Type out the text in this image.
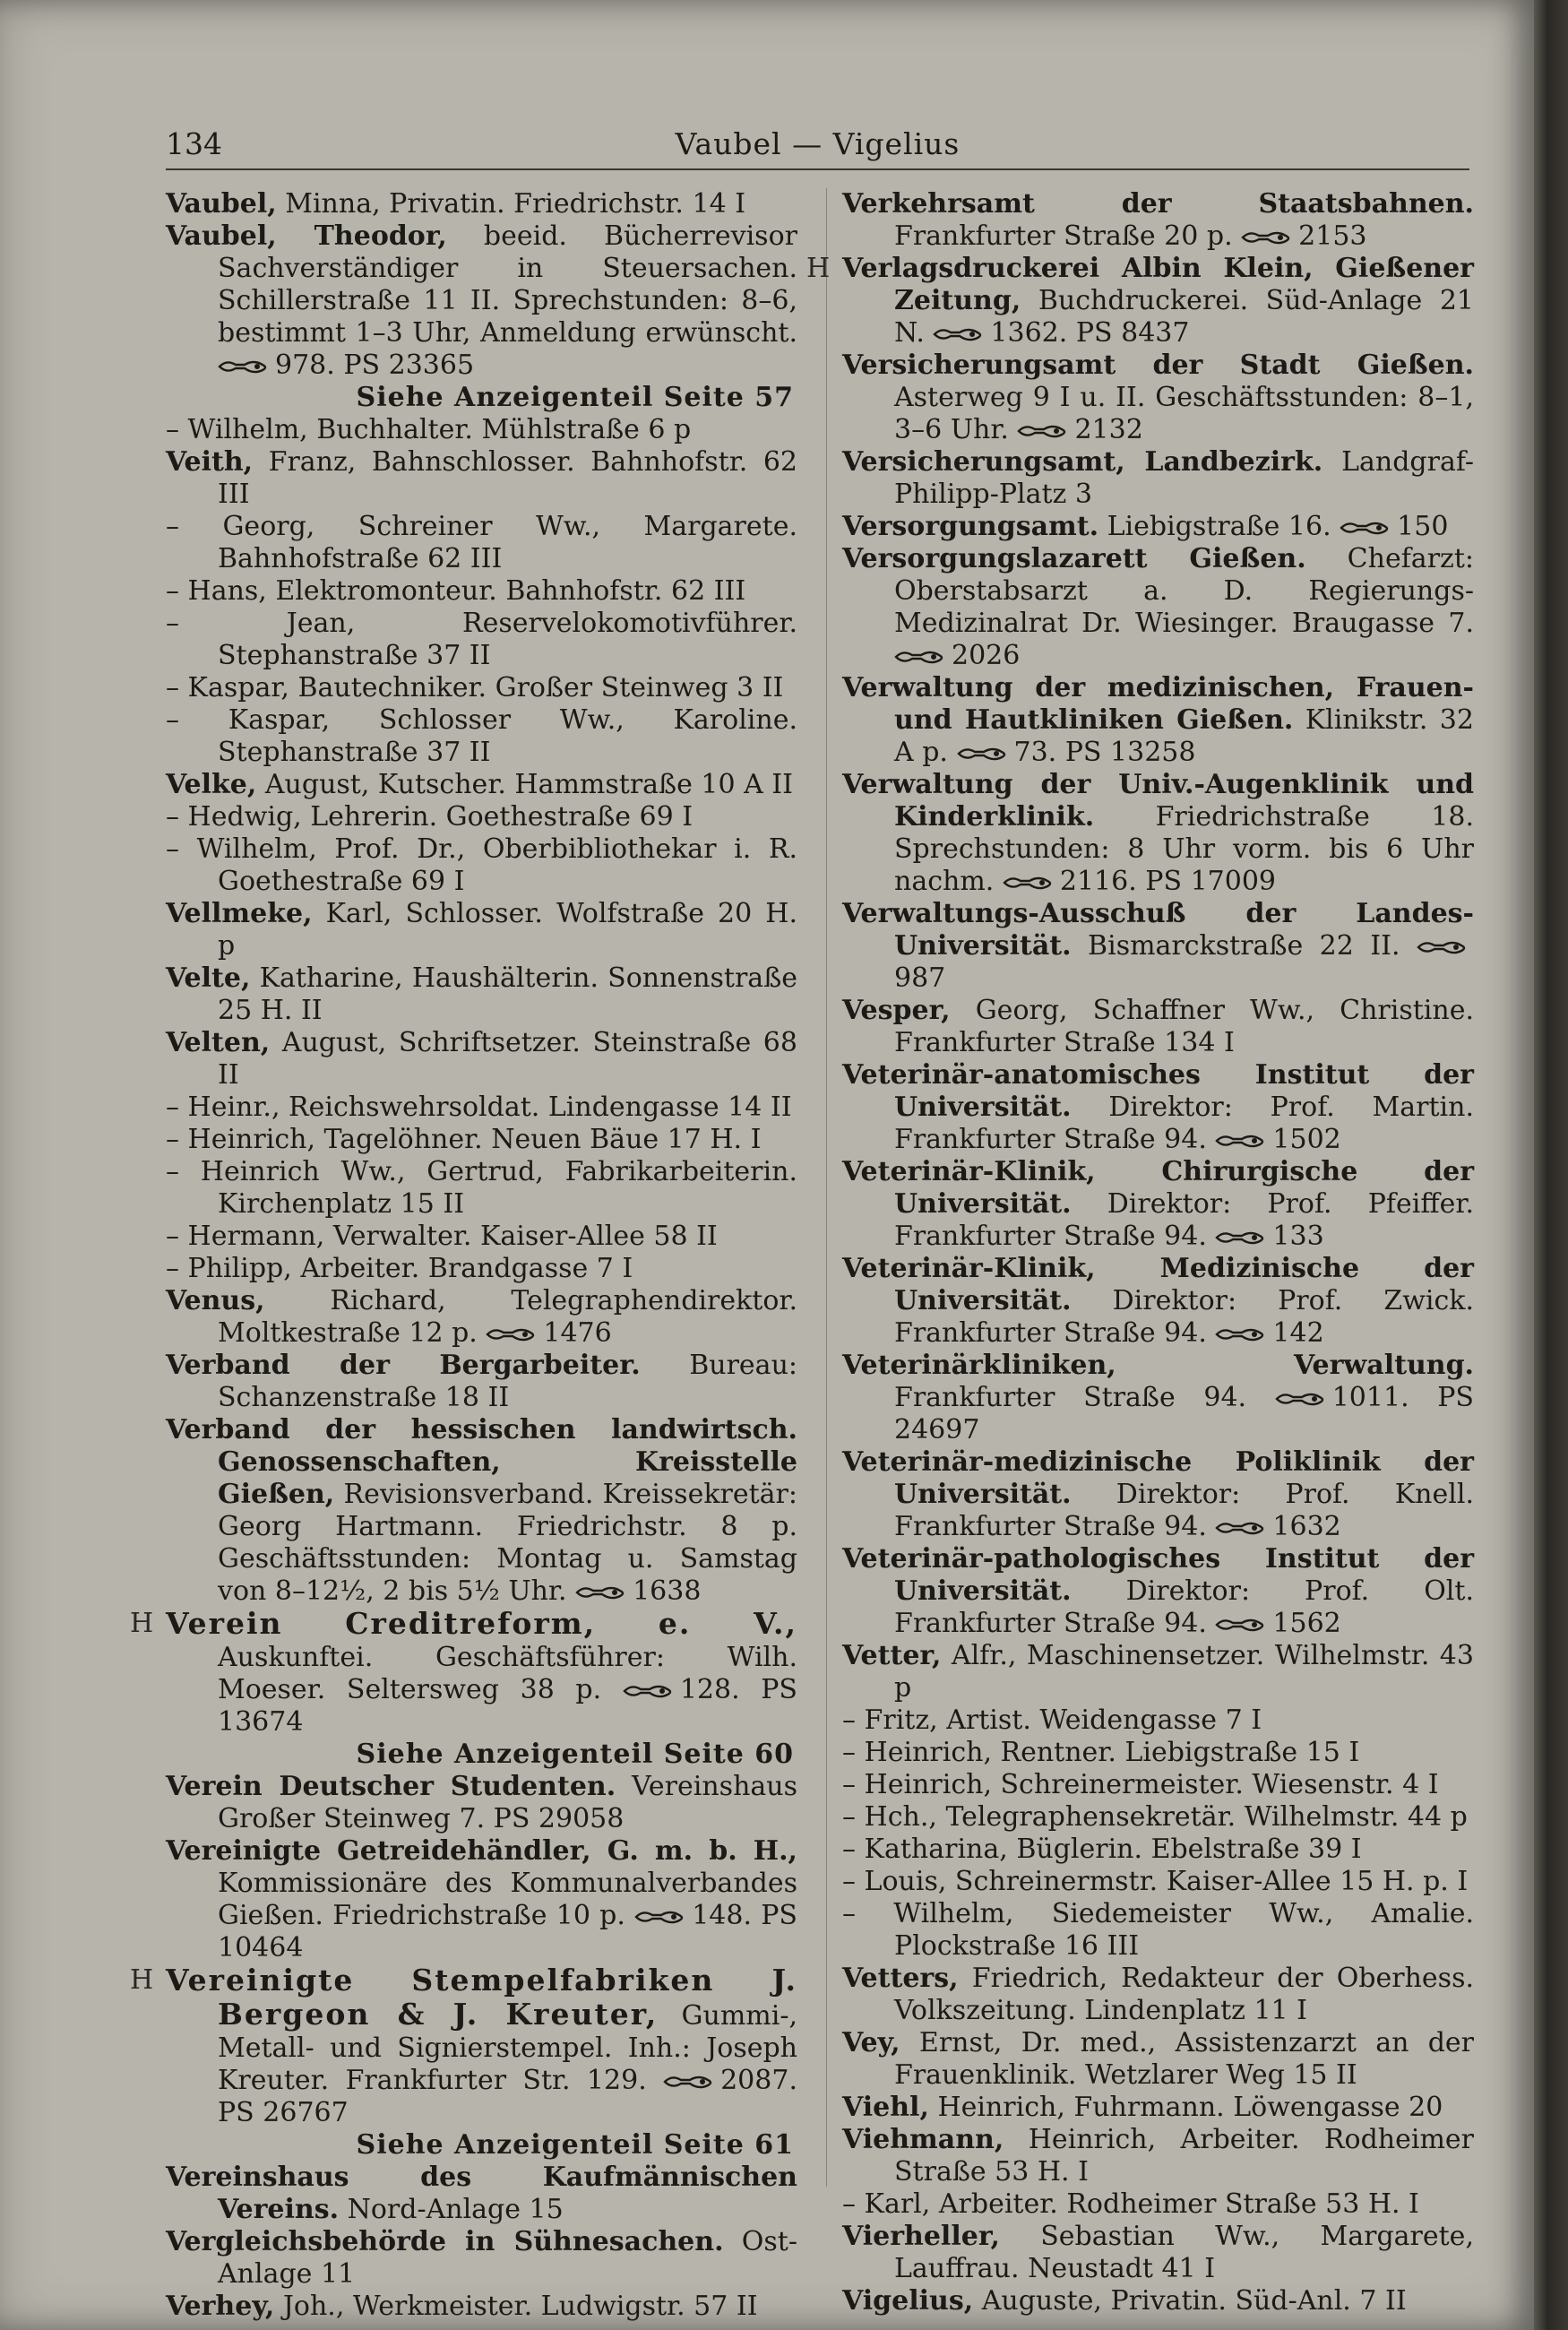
134	Vaubel — Vigelius

Vaubel, Minna, Privatin. Friedrichstr. 14 I

Vaubel, Theodor, beeid. Bücherrevisor Sachverständiger in Steuersachen. Schillerstraße 11 II. Sprechstunden: 8–6, bestimmt 1–3 Uhr, Anmeldung erwünscht.
978. PS 23365

Siehe Anzeigenteil Seite 57

– Wilhelm, Buchhalter. Mühlstraße 6 p

Veith, Franz, Bahnschlosser. Bahnhofstr. 62 III

– Georg, Schreiner Ww., Margarete. Bahnhofstraße 62 III

– Hans, Elektromonteur. Bahnhofstr. 62 III

–	Jean, Reservelokomotivführer. Stephanstraße 37 II

– Kaspar, Bautechniker. Großer Steinweg 3 II

– Kaspar, Schlosser Ww., Karoline. Stephanstraße 37 II

Velke, August, Kutscher. Hammstraße 10 A II

– Hedwig, Lehrerin. Goethestraße 69 I

– Wilhelm, Prof. Dr., Oberbibliothekar i. R. Goethestraße 69 I

Vellmeke, Karl, Schlosser. Wolfstraße 20 H. p

Velte, Katharine, Haushälterin. Sonnenstraße 25 H. II

Velten, August, Schriftsetzer. Steinstraße 68 II

– Heinr., Reichswehrsoldat. Lindengasse 14 II

– Heinrich, Tagelöhner. Neuen Bäue 17 H. I

– Heinrich Ww., Gertrud, Fabrikarbeiterin. Kirchenplatz 15 II

– Hermann, Verwalter. Kaiser-Allee 58 II

– Philipp, Arbeiter. Brandgasse 7 I

Venus, Richard, Telegraphendirektor. Moltkestraße 12 p. 1476

Verband der Bergarbeiter. Bureau: Schanzenstraße 18 II

Verband der hessischen landwirtsch. Genossenschaften, Kreisstelle Gießen, Revisionsverband. Kreissekretär: Georg Hartmann. Friedrichstr. 8 p. Geschäftsstunden: Montag u. Samstag von 8–12½, 2 bis 5½ Uhr. 1638

H Verein Creditreform, e. V., Auskunftei. Geschäftsführer: Wilh. Moeser. Seltersweg 38 p.	128. PS 13674

Siehe Anzeigenteil Seite 60

Verein Deutscher Studenten. Vereinshaus Großer Steinweg 7. PS 29058

Vereinigte Getreidehändler, G. m. b. H., Kommissionäre des Kommunalverbandes Gießen. Friedrichstraße 10 p. 148. PS 10464

H Vereinigte Stempelfabriken J. Bergeon & J. Kreuter, Gummi-, Metall- und Signierstempel. Inh.: Joseph Kreuter. Frankfurter Str. 129.	2087. PS 26767

Siehe Anzeigenteil Seite 61

Vereinshaus des Kaufmännischen Vereins. Nord-Anlage 15

Vergleichsbehörde in Sühnesachen. Ost-Anlage 11

Verhey, Joh., Werkmeister. Ludwigstr. 57 II

Verkehrsamt der Staatsbahnen. Frankfurter Straße 20 p. 2153

H Verlagsdruckerei Albin Klein, Gießener Zeitung, Buchdruckerei. Süd-Anlage 21 N. 1362. PS 8437

Versicherungsamt der Stadt Gießen. Asterweg 9 I u. II. Geschäftsstunden: 8–1, 3–6 Uhr. 2132

Versicherungsamt, Landbezirk. Landgraf-Philipp-Platz 3

Versorgungsamt. Liebigstraße 16. 150

Versorgungslazarett Gießen. Chefarzt: Oberstabsarzt a. D. Regierungs-Medizinalrat Dr. Wiesinger. Braugasse 7.
2026

Verwaltung der medizinischen, Frauen- und Hautkliniken Gießen. Klinikstr. 32 A p. 73. PS 13258

Verwaltung der Univ.-Augenklinik und Kinderklinik. Friedrichstraße 18. Sprechstunden: 8 Uhr vorm. bis 6 Uhr nachm. 2116. PS 17009

Verwaltungs-Ausschuß der Landes-Universität. Bismarckstraße 22 II.
987

Vesper, Georg, Schaffner Ww., Christine. Frankfurter Straße 134 I

Veterinär-anatomisches Institut der Universität. Direktor: Prof. Martin. Frankfurter Straße 94. 1502

Veterinär-Klinik, Chirurgische der Universität. Direktor: Prof. Pfeiffer. Frankfurter Straße 94. 133

Veterinär-Klinik, Medizinische der Universität. Direktor: Prof. Zwick. Frankfurter Straße 94. 142

Veterinärkliniken, Verwaltung. Frankfurter Straße 94.	1011. PS 24697

Veterinär-medizinische Poliklinik der Universität. Direktor: Prof. Knell. Frankfurter Straße 94. 1632

Veterinär-pathologisches Institut der Universität. Direktor: Prof. Olt. Frankfurter Straße 94. 1562

Vetter, Alfr., Maschinensetzer. Wilhelmstr. 43 p

– Fritz, Artist. Weidengasse 7 I

– Heinrich, Rentner. Liebigstraße 15 I

– Heinrich, Schreinermeister. Wiesenstr. 4 I

– Hch., Telegraphensekretär. Wilhelmstr. 44 p

– Katharina, Büglerin. Ebelstraße 39 I

– Louis, Schreinermstr. Kaiser-Allee 15 H. p. I

– Wilhelm, Siedemeister Ww., Amalie. Plockstraße 16 III

Vetters, Friedrich, Redakteur der Oberhess. Volkszeitung. Lindenplatz 11 I

Vey, Ernst, Dr. med., Assistenzarzt an der Frauenklinik. Wetzlarer Weg 15 II

Viehl, Heinrich, Fuhrmann. Löwengasse 20

Viehmann, Heinrich, Arbeiter. Rodheimer Straße 53 H. I

– Karl, Arbeiter. Rodheimer Straße 53 H. I

Vierheller, Sebastian Ww., Margarete, Lauffrau. Neustadt 41 I

Vigelius, Auguste, Privatin. Süd-Anl. 7 II
